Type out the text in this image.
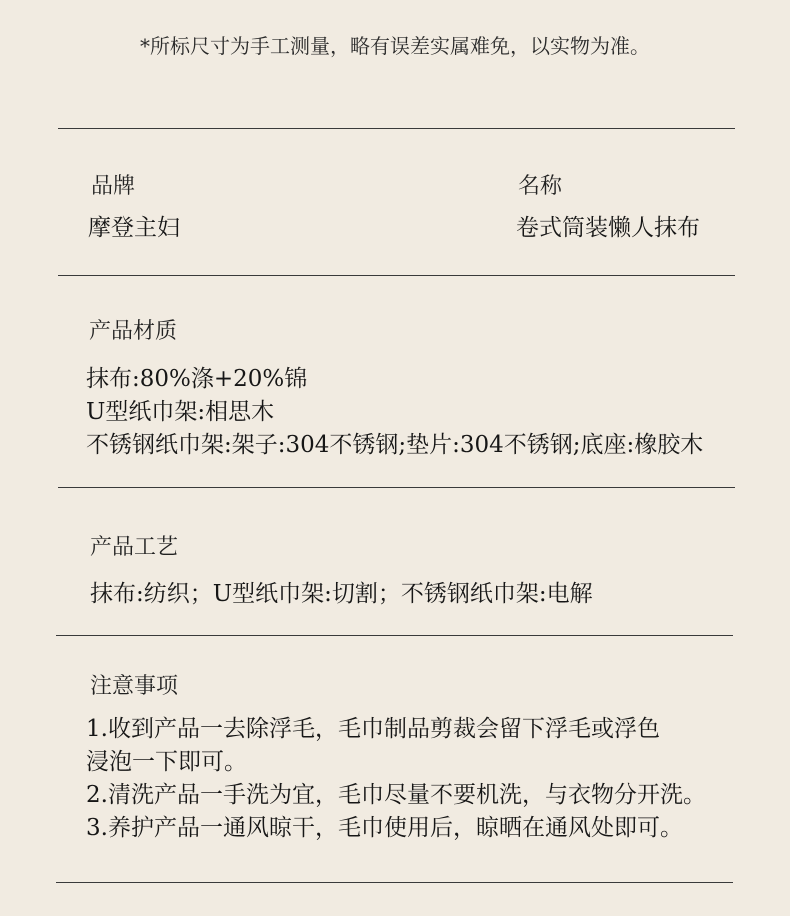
*所标尺寸为手工测量，略有误差实属难免，以实物为准。
品牌
摩登主妇
名称
卷式筒装懒人抹布
产品材质
抹布:80%涤+20%锦
U型纸巾架:相思木
不锈钢纸巾架:架子:304不锈钢;垫片:304不锈钢;底座:橡胶木
产品工艺
抹布:纺织；U型纸巾架:切割；不锈钢纸巾架:电解
注意事项
1.收到产品一去除浮毛，毛巾制品剪裁会留下浮毛或浮色
浸泡一下即可。
2.清洗产品一手洗为宜，毛巾尽量不要机洗，与衣物分开洗。
3.养护产品一通风晾干，毛巾使用后，晾晒在通风处即可。
